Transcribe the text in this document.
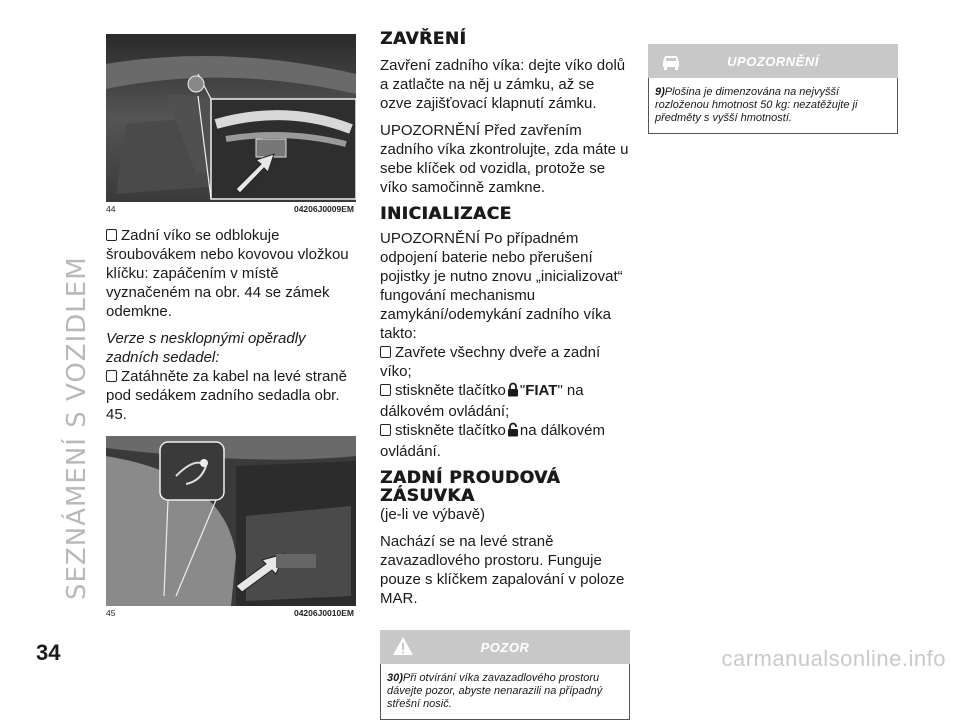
SEZNÁMENÍ S VOZIDLEM
34	carmanualsonline.info
44	04206J0009EM

Zadní víko se odblokuje šroubovákem nebo kovovou vložkou klíčku: zapáčením v místě vyznačeném na obr. 44 se zámek odemkne.

Verze s nesklopnými opěradly zadních sedadel:

Zatáhněte za kabel na levé straně pod sedákem zadního sedadla obr. 45.

45	04206J0010EM
ZAVŘENÍ

Zavření zadního víka: dejte víko dolů a zatlačte na něj u zámku, až se ozve zajišťovací klapnutí zámku.

UPOZORNĚNÍ Před zavřením zadního víka zkontrolujte, zda máte u sebe klíček od vozidla, protože se víko samočinně zamkne.

INICIALIZACE

UPOZORNĚNÍ Po případném odpojení baterie nebo přerušení pojistky je nutno znovu „inicializovat“ fungování mechanismu zamykání/odemykání zadního víka takto:

Zavřete všechny dveře a zadní víko;

stiskněte tlačítko "FIAT" na dálkovém ovládání;

stiskněte tlačítko na dálkovém ovládání.

ZADNÍ PROUDOVÁ ZÁSUVKA

(je-li ve výbavě)

Nachází se na levé straně zavazadlového prostoru. Funguje pouze s klíčkem zapalování v poloze MAR.

POZOR
30)Při otvírání víka zavazadlového prostoru dávejte pozor, abyste nenarazili na případný střešní nosič.
UPOZORNĚNÍ
9)Plošina je dimenzována na nejvyšší rozloženou hmotnost 50 kg: nezatěžujte ji předměty s vyšší hmotností.
